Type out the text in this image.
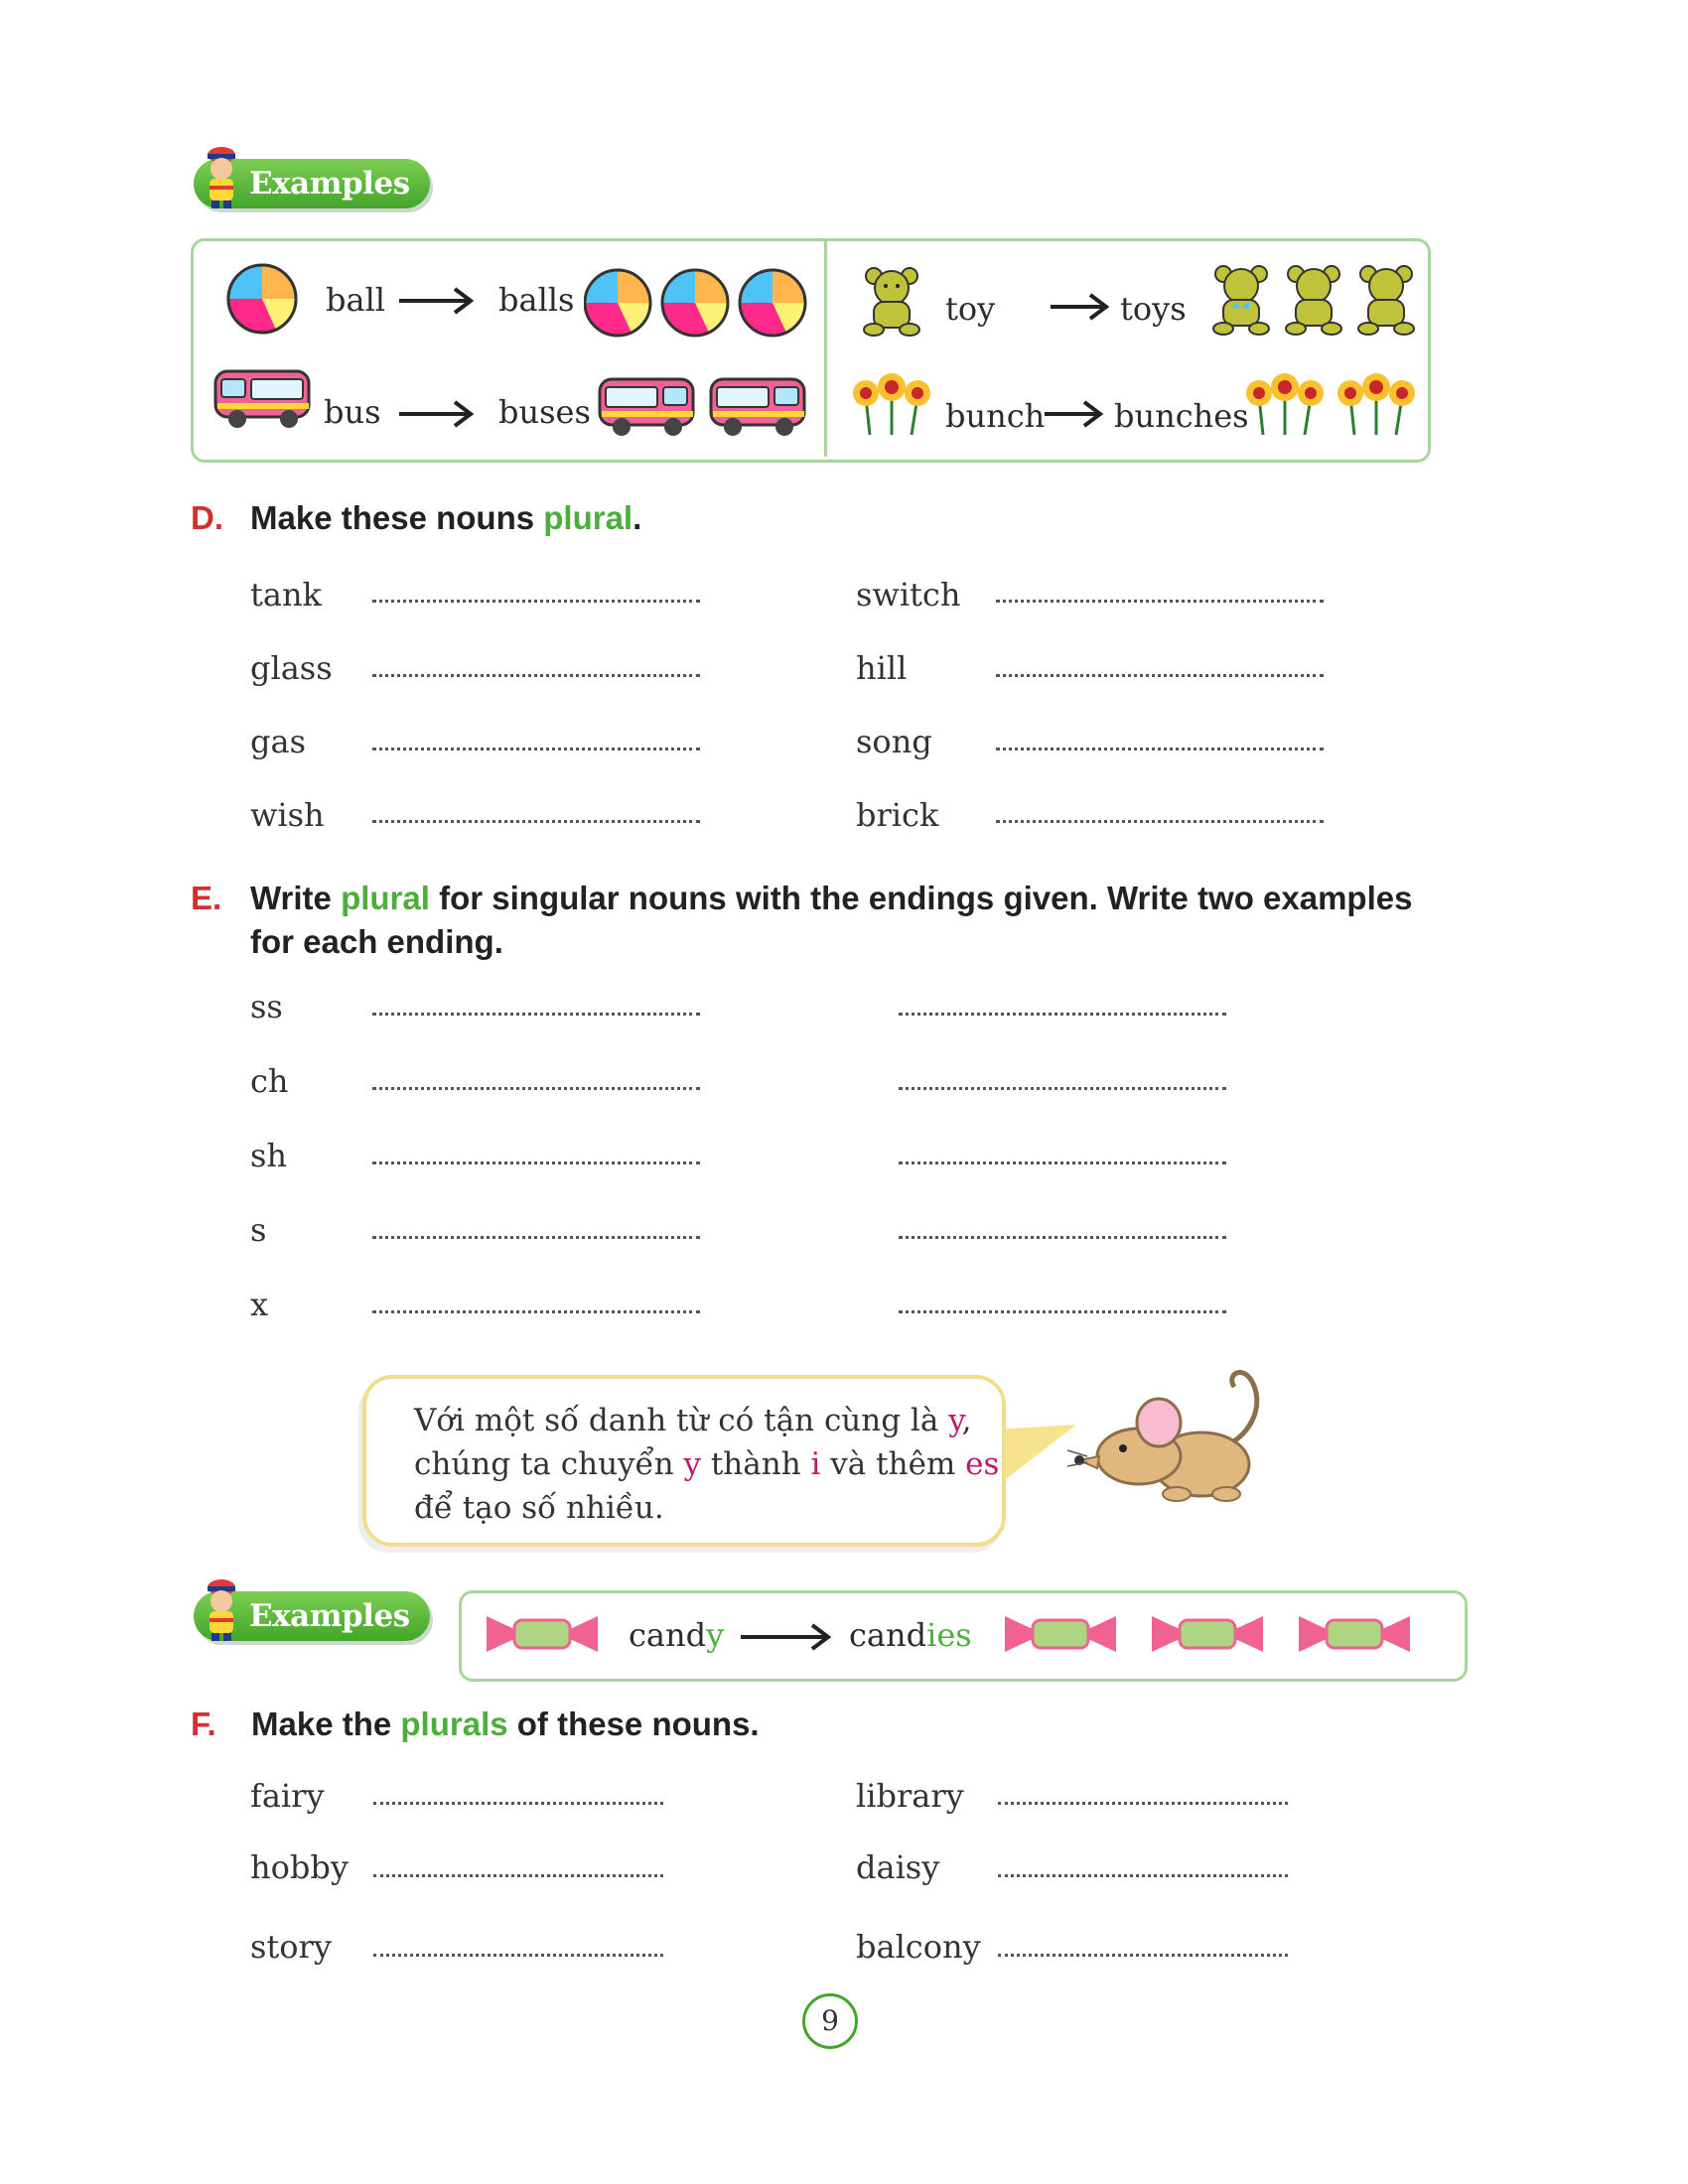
Examples
ball	balls
bus	buses
toy	toys
bunch bunches
D. Make these nouns plural.
tank	switch
glass	hill
gas	song
wish	brick
E. Write plural for singular nouns with the endings given. Write two examples
for each ending.
ss
ch
sh
s
x
Với một số danh từ có tận cùng là y,
chúng ta chuyển y thành i và thêm es
để tạo số nhiều.
Examples	candy	candies
F. Make the plurals of these nouns.
fairy	library
hobby	daisy
story	balcony
9
